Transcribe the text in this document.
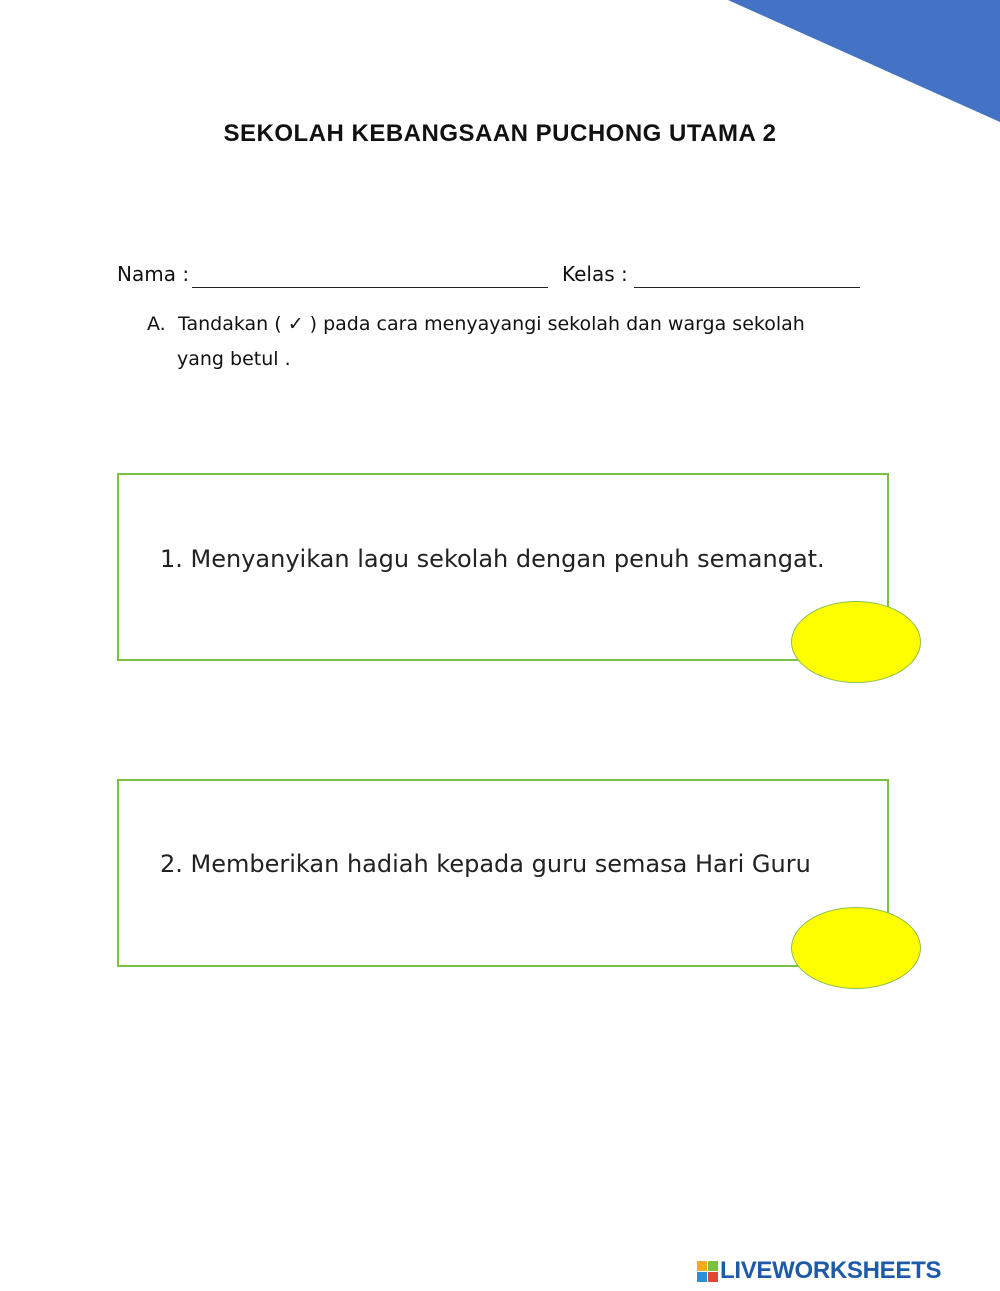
SEKOLAH KEBANGSAAN PUCHONG UTAMA 2
Nama :	Kelas :
A. Tandakan ( ✓ ) pada cara menyayangi sekolah dan warga sekolah
yang betul .
1. Menyanyikan lagu sekolah dengan penuh semangat.
2. Memberikan hadiah kepada guru semasa Hari Guru
LIVEWORKSHEETS
